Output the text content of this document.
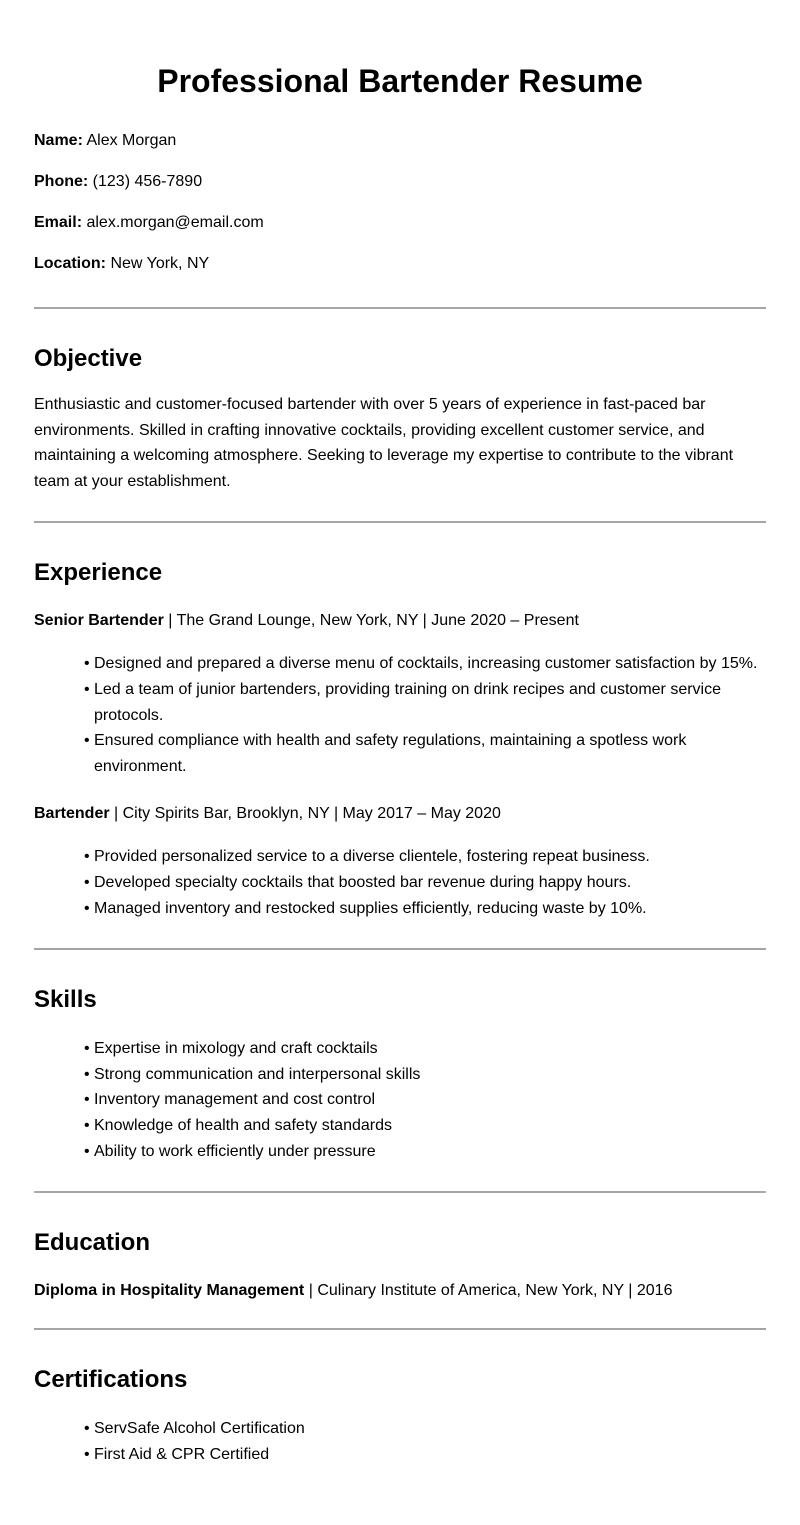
Professional Bartender Resume

Name: Alex Morgan

Phone: (123) 456-7890

Email: alex.morgan@email.com

Location: New York, NY

Objective

Enthusiastic and customer-focused bartender with over 5 years of experience in fast-paced bar environments. Skilled in crafting innovative cocktails, providing excellent customer service, and maintaining a welcoming atmosphere. Seeking to leverage my expertise to contribute to the vibrant team at your establishment.

Experience

Senior Bartender | The Grand Lounge, New York, NY | June 2020 – Present

• Designed and prepared a diverse menu of cocktails, increasing customer satisfaction by 15%.
• Led a team of junior bartenders, providing training on drink recipes and customer service protocols.
• Ensured compliance with health and safety regulations, maintaining a spotless work environment.

Bartender | City Spirits Bar, Brooklyn, NY | May 2017 – May 2020

• Provided personalized service to a diverse clientele, fostering repeat business.
• Developed specialty cocktails that boosted bar revenue during happy hours.
• Managed inventory and restocked supplies efficiently, reducing waste by 10%.
Skills
• Expertise in mixology and craft cocktails
• Strong communication and interpersonal skills
• Inventory management and cost control
• Knowledge of health and safety standards
• Ability to work efficiently under pressure
Education

Diploma in Hospitality Management | Culinary Institute of America, New York, NY | 2016

Certifications
• ServSafe Alcohol Certification
• First Aid & CPR Certified
